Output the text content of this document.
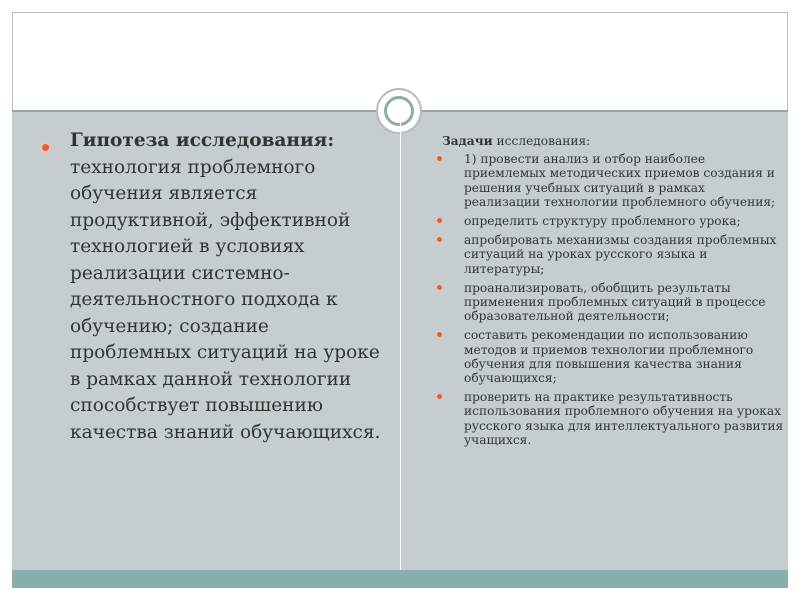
Гипотеза исследования: технология проблемного обучения является продуктивной, эффективной технологией в условиях реализации системно-деятельностного подхода к обучению; создание проблемных ситуаций на уроке в рамках данной технологии способствует повышению качества знаний обучающихся.
Задачи исследования:
1) провести анализ и отбор наиболее приемлемых методических приемов создания и решения учебных ситуаций в рамках реализации технологии проблемного обучения;
определить структуру проблемного урока;
апробировать механизмы создания проблемных ситуаций на уроках русского языка и литературы;
проанализировать, обобщить результаты применения проблемных ситуаций в процессе образовательной деятельности;
составить рекомендации по использованию методов и приемов технологии проблемного обучения для повышения качества знания обучающихся;
проверить на практике результативность использования проблемного обучения на уроках русского языка для интеллектуального развития учащихся.
